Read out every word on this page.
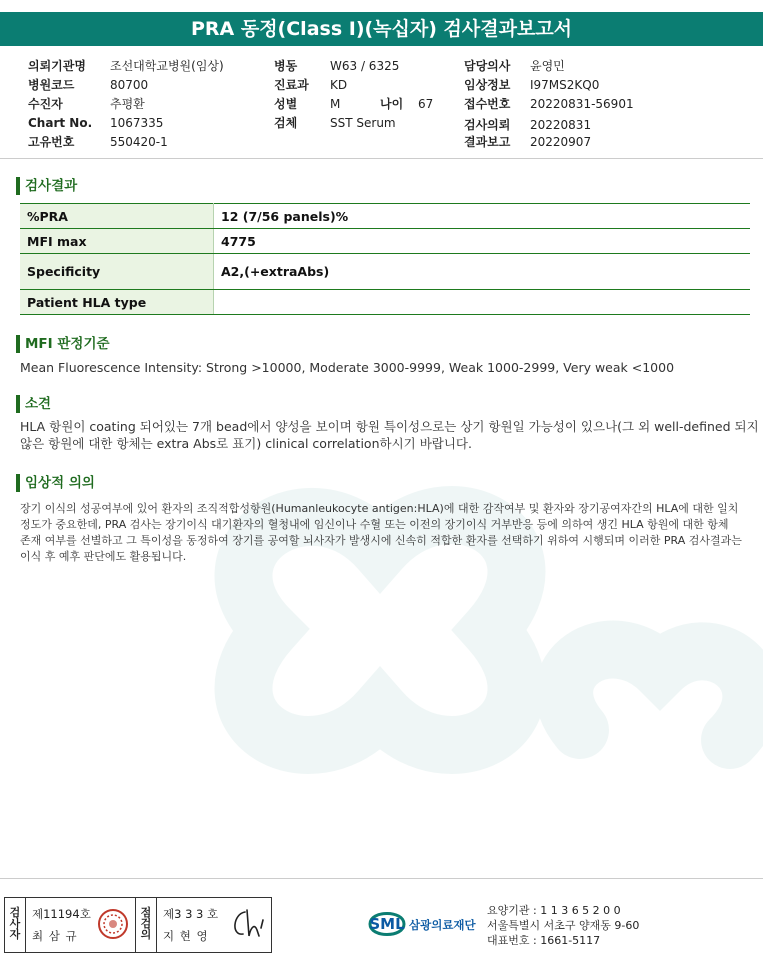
PRA 동정(Class I)(녹십자) 검사결과보고서
의뢰기관명 조선대학교병원(임상)
병원코드	80700
수진자	추평환
Chart No. 1067335
고유번호	550420-1
병동	W63 / 6325
진료과 KD
성별	M	나이 67
검체	SST Serum
담당의사 윤영민
임상정보 I97MS2KQ0
접수번호 20220831-56901
검사의뢰 20220831
결과보고 20220907
검사결과
%PRA	12 (7/56 panels)%
MFI max	4775
Specificity	A2,(+extraAbs)
Patient HLA type	
MFI 판정기준
Mean Fluorescence Intensity: Strong >10000, Moderate 3000-9999, Weak 1000-2999, Very weak <1000
소견
HLA 항원이 coating 되어있는 7개 bead에서 양성을 보이며 항원 특이성으로는 상기 항원일 가능성이 있으나(그 외 well-defined 되지
않은 항원에 대한 항체는 extra Abs로 표기) clinical correlation하시기 바랍니다.
임상적 의의
장기 이식의 성공여부에 있어 환자의 조직적합성항원(Humanleukocyte antigen:HLA)에 대한 감작여부 및 환자와 장기공여자간의 HLA에 대한 일치
정도가 중요한데, PRA 검사는 장기이식 대기환자의 혈청내에 임신이나 수혈 또는 이전의 장기이식 거부반응 등에 의하여 생긴 HLA 항원에 대한 항체
존재 여부를 선별하고 그 특이성을 동정하여 장기를 공여할 뇌사자가 발생시에 신속히 적합한 환자를 선택하기 위하여 시행되며 이러한 PRA 검사결과는
이식 후 예후 판단에도 활용됩니다.
검사자
제11194호
최 삼 규
점검의
제3 3 3 호
지 현 영
SML 삼광의료재단
요양기관 : 1 1 3 6 5 2 0 0
서울특별시 서초구 양재동 9-60
대표번호 : 1661-5117
